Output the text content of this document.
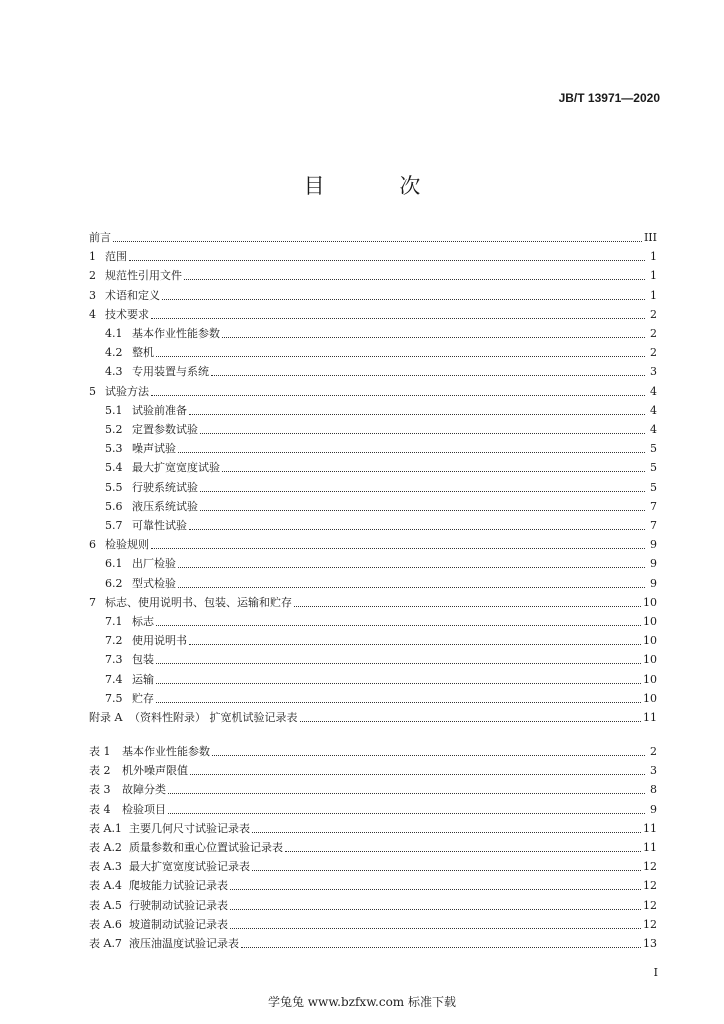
JB/T 13971—2020
目 次
前言	III
1 范围	1
2 规范性引用文件	1
3 术语和定义	1
4 技术要求	2
4.1 基本作业性能参数	2
4.2 整机	2
4.3 专用装置与系统	3
5 试验方法	4
5.1 试验前准备	4
5.2 定置参数试验	4
5.3 噪声试验	5
5.4 最大扩宽宽度试验	5
5.5 行驶系统试验	5
5.6 液压系统试验	7
5.7 可靠性试验	7
6 检验规则	9
6.1 出厂检验	9
6.2 型式检验	9
7 标志、使用说明书、包装、运输和贮存	10
7.1 标志	10
7.2 使用说明书	10
7.3 包装	10
7.4 运输	10
7.5 贮存	10
附录 A （资料性附录） 扩宽机试验记录表	11
表 1	基本作业性能参数	2
表 2	机外噪声限值	3
表 3	故障分类	8
表 4	检验项目	9
表 A.1 主要几何尺寸试验记录表	11
表 A.2 质量参数和重心位置试验记录表	11
表 A.3 最大扩宽宽度试验记录表	12
表 A.4 爬坡能力试验记录表	12
表 A.5 行驶制动试验记录表	12
表 A.6 坡道制动试验记录表	12
表 A.7 液压油温度试验记录表	13
I
学兔兔 www.bzfxw.com 标准下载
